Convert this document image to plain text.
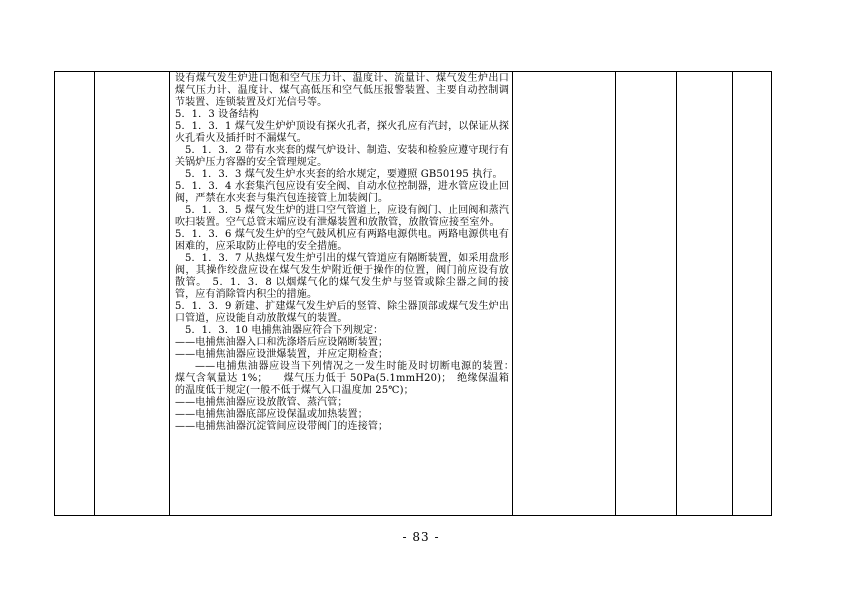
设有煤气发生炉进口饱和空气压力计、温度计、流量计、煤气发生炉出口煤气压力计、温度计、煤气高低压和空气低压报警装置、主要自动控制调节装置、连锁装置及灯光信号等。

5．1．3 设备结构

5．1．3．1 煤气发生炉炉顶设有探火孔者，探火孔应有汽封，以保证从探火孔看火及插扦时不漏煤气。

5．1．3．2 带有水夹套的煤气炉设计、制造、安装和检验应遵守现行有关锅炉压力容器的安全管理规定。

5．1．3．3 煤气发生炉水夹套的给水规定，要遵照 GB50195 执行。

5．1．3．4 水套集汽包应设有安全阀、自动水位控制器，进水管应设止回阀，严禁在水夹套与集汽包连接管上加装阀门。

5．1．3．5 煤气发生炉的进口空气管道上，应设有阀门、止回阀和蒸汽吹扫装置。空气总管末端应设有泄爆装置和放散管，放散管应接至室外。

5．1．3．6 煤气发生炉的空气鼓风机应有两路电源供电。两路电源供电有困难的，应采取防止停电的安全措施。

5．1．3．7 从热煤气发生炉引出的煤气管道应有隔断装置，如采用盘形阀，其操作绞盘应设在煤气发生炉附近便于操作的位置，阀门前应设有放散管。　5．1．3．8 以烟煤气化的煤气发生炉与竖管或除尘器之间的接管，应有消除管内积尘的措施。

5．1．3．9 新建、扩建煤气发生炉后的竖管、除尘器顶部或煤气发生炉出口管道，应设能自动放散煤气的装置。

5．1．3．10 电捕焦油器应符合下列规定：

——电捕焦油器入口和洗涤塔后应设隔断装置；

——电捕焦油器应设泄爆装置，并应定期检查；

——电捕焦油器应设当下列情况之一发生时能及时切断电源的装置：　煤气含氧量达 1%；　　煤气压力低于 50Pa(5.1mmH20)；　绝缘保温箱的温度低于规定(一般不低于煤气入口温度加 25℃)；

——电捕焦油器应设放散管、蒸汽管；

——电捕焦油器底部应设保温或加热装置；

——电捕焦油器沉淀管间应设带阀门的连接管；

- 83 -
